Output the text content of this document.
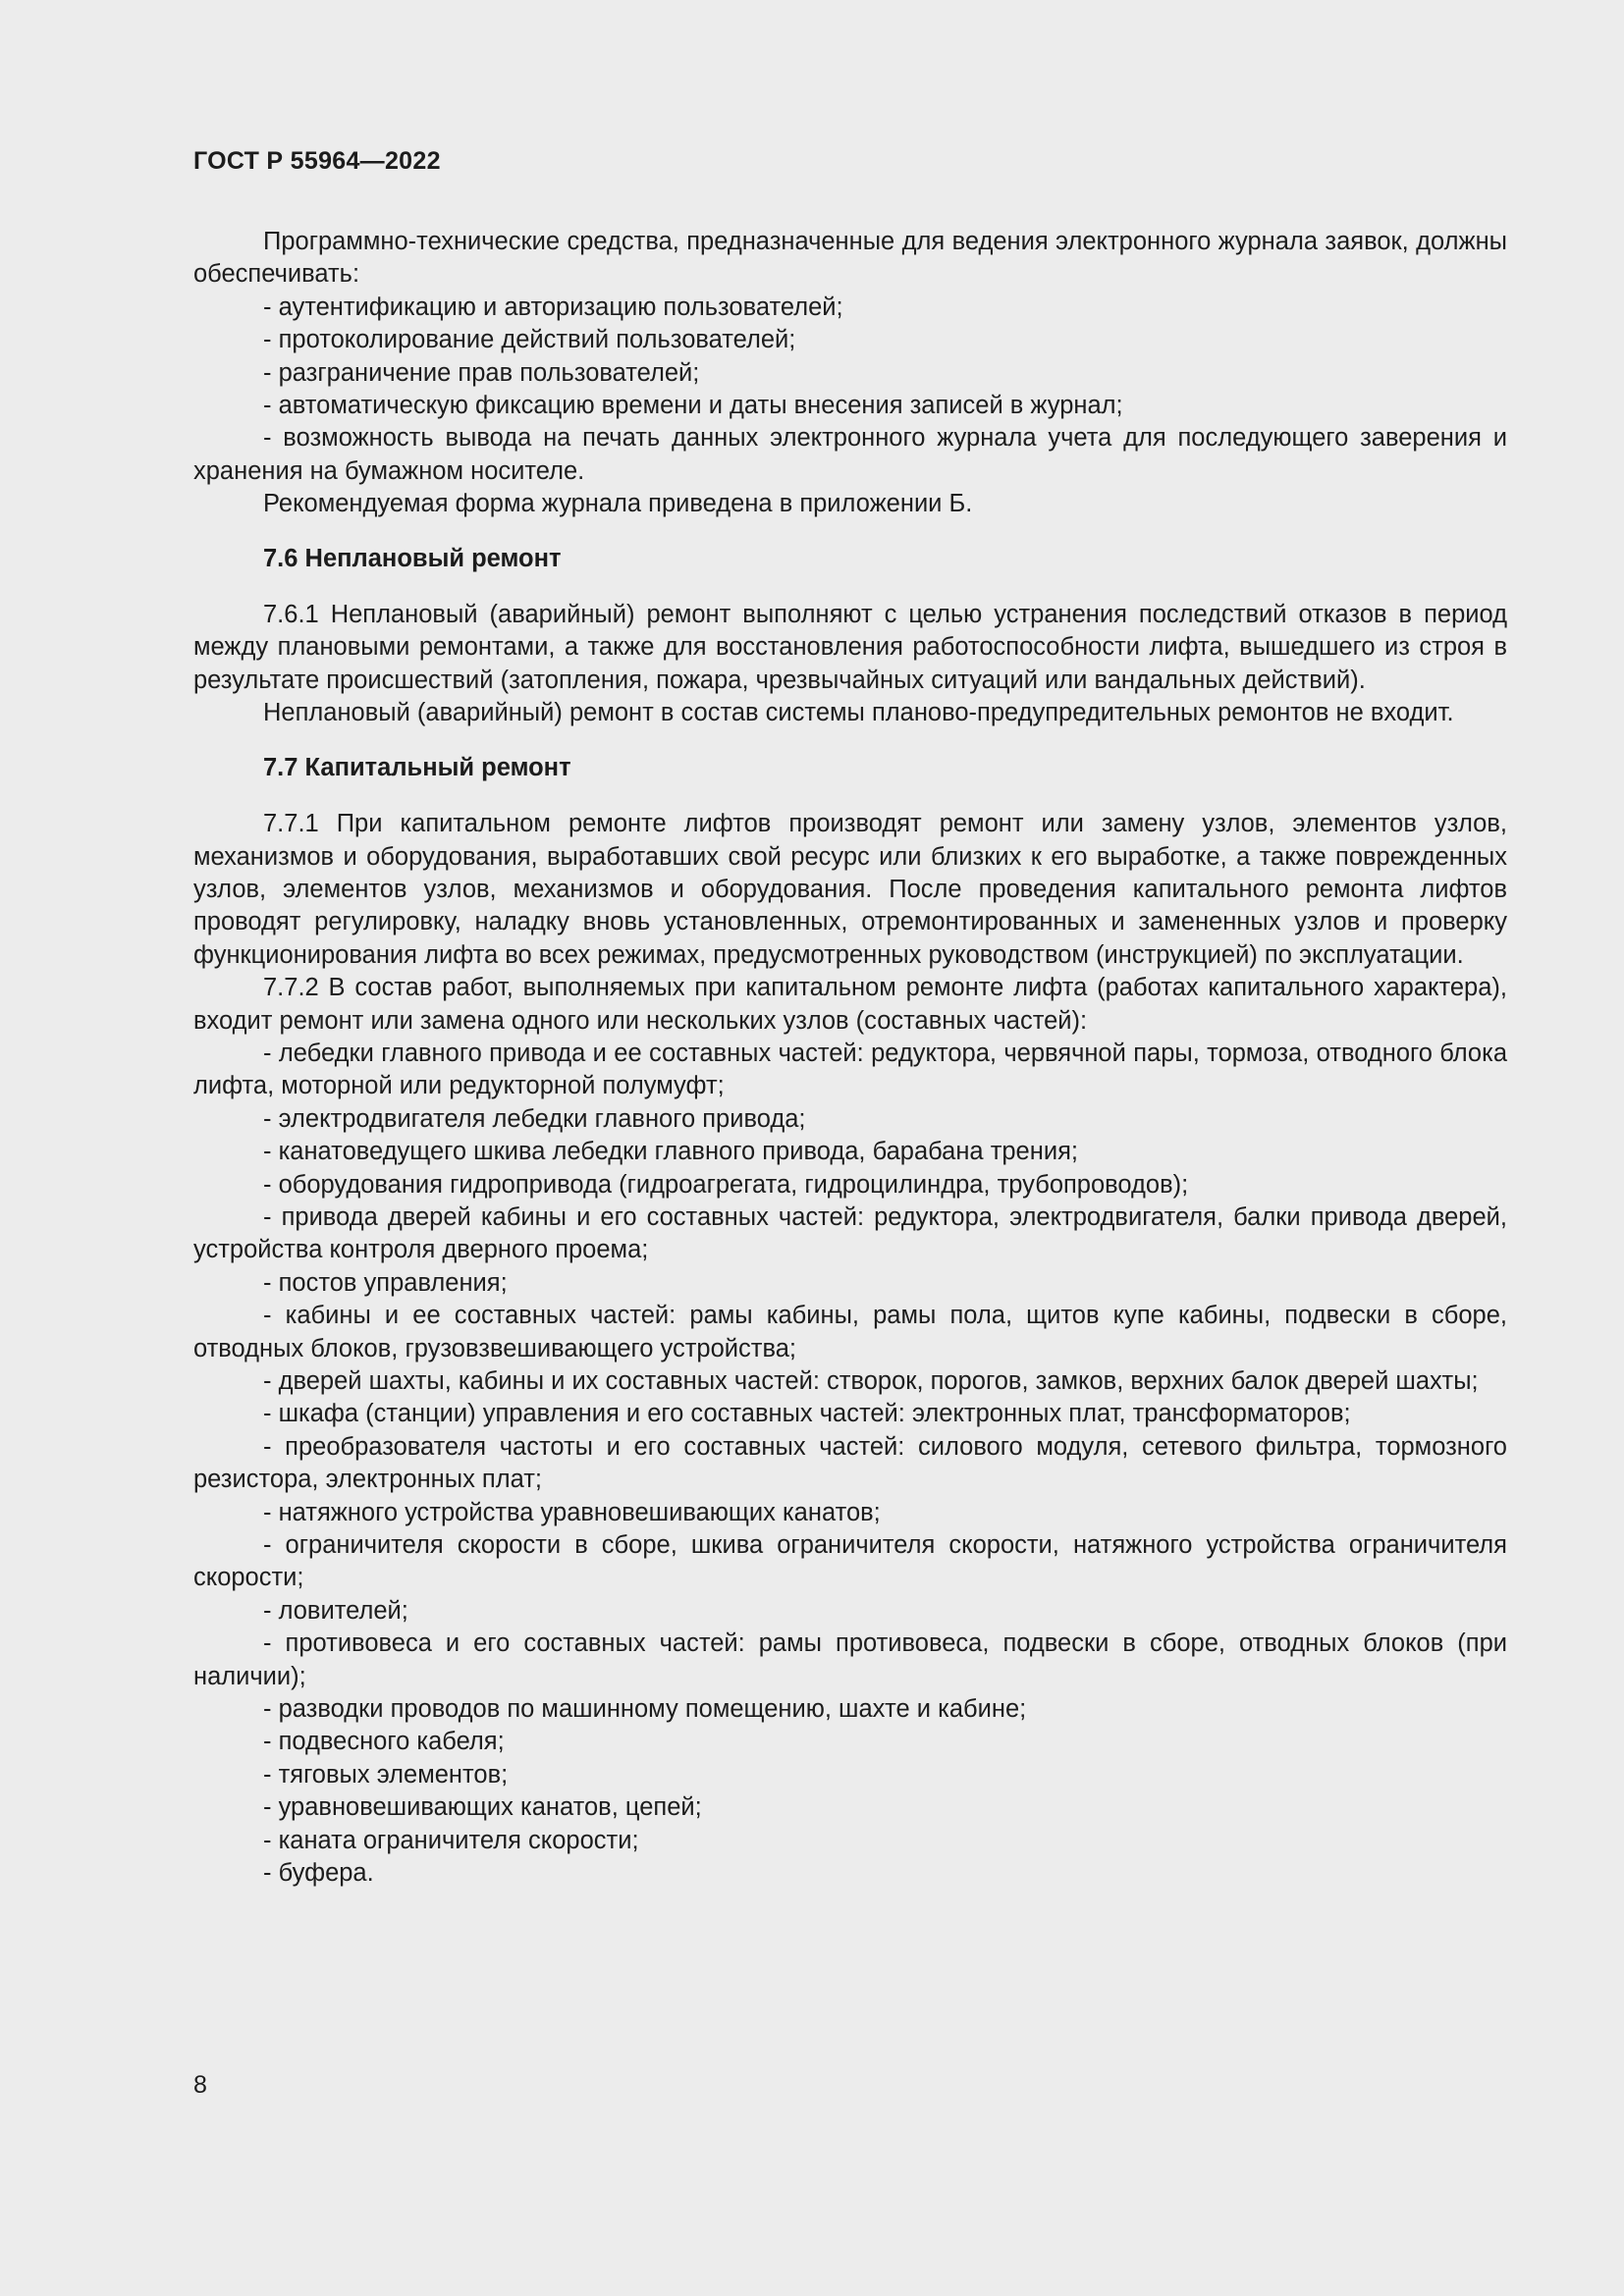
ГОСТ Р 55964—2022

Программно-технические средства, предназначенные для ведения электронного журнала заявок, должны обеспечивать:

- аутентификацию и авторизацию пользователей;

- протоколирование действий пользователей;

- разграничение прав пользователей;

- автоматическую фиксацию времени и даты внесения записей в журнал;

- возможность вывода на печать данных электронного журнала учета для последующего заверения и хранения на бумажном носителе.

Рекомендуемая форма журнала приведена в приложении Б.

7.6 Неплановый ремонт

7.6.1 Неплановый (аварийный) ремонт выполняют с целью устранения последствий отказов в период между плановыми ремонтами, а также для восстановления работоспособности лифта, вышедшего из строя в результате происшествий (затопления, пожара, чрезвычайных ситуаций или вандальных действий).

Неплановый (аварийный) ремонт в состав системы планово-предупредительных ремонтов не входит.

7.7 Капитальный ремонт

7.7.1 При капитальном ремонте лифтов производят ремонт или замену узлов, элементов узлов, механизмов и оборудования, выработавших свой ресурс или близких к его выработке, а также поврежденных узлов, элементов узлов, механизмов и оборудования. После проведения капитального ремонта лифтов проводят регулировку, наладку вновь установленных, отремонтированных и замененных узлов и проверку функционирования лифта во всех режимах, предусмотренных руководством (инструкцией) по эксплуатации.

7.7.2 В состав работ, выполняемых при капитальном ремонте лифта (работах капитального характера), входит ремонт или замена одного или нескольких узлов (составных частей):

- лебедки главного привода и ее составных частей: редуктора, червячной пары, тормоза, отводного блока лифта, моторной или редукторной полумуфт;

- электродвигателя лебедки главного привода;

- канатоведущего шкива лебедки главного привода, барабана трения;

- оборудования гидропривода (гидроагрегата, гидроцилиндра, трубопроводов);

- привода дверей кабины и его составных частей: редуктора, электродвигателя, балки привода дверей, устройства контроля дверного проема;

- постов управления;

- кабины и ее составных частей: рамы кабины, рамы пола, щитов купе кабины, подвески в сборе, отводных блоков, грузовзвешивающего устройства;

- дверей шахты, кабины и их составных частей: створок, порогов, замков, верхних балок дверей шахты;

- шкафа (станции) управления и его составных частей: электронных плат, трансформаторов;

- преобразователя частоты и его составных частей: силового модуля, сетевого фильтра, тормозного резистора, электронных плат;

- натяжного устройства уравновешивающих канатов;

- ограничителя скорости в сборе, шкива ограничителя скорости, натяжного устройства ограничителя скорости;

- ловителей;

- противовеса и его составных частей: рамы противовеса, подвески в сборе, отводных блоков (при наличии);

- разводки проводов по машинному помещению, шахте и кабине;

- подвесного кабеля;

- тяговых элементов;

- уравновешивающих канатов, цепей;

- каната ограничителя скорости;

- буфера.

8
